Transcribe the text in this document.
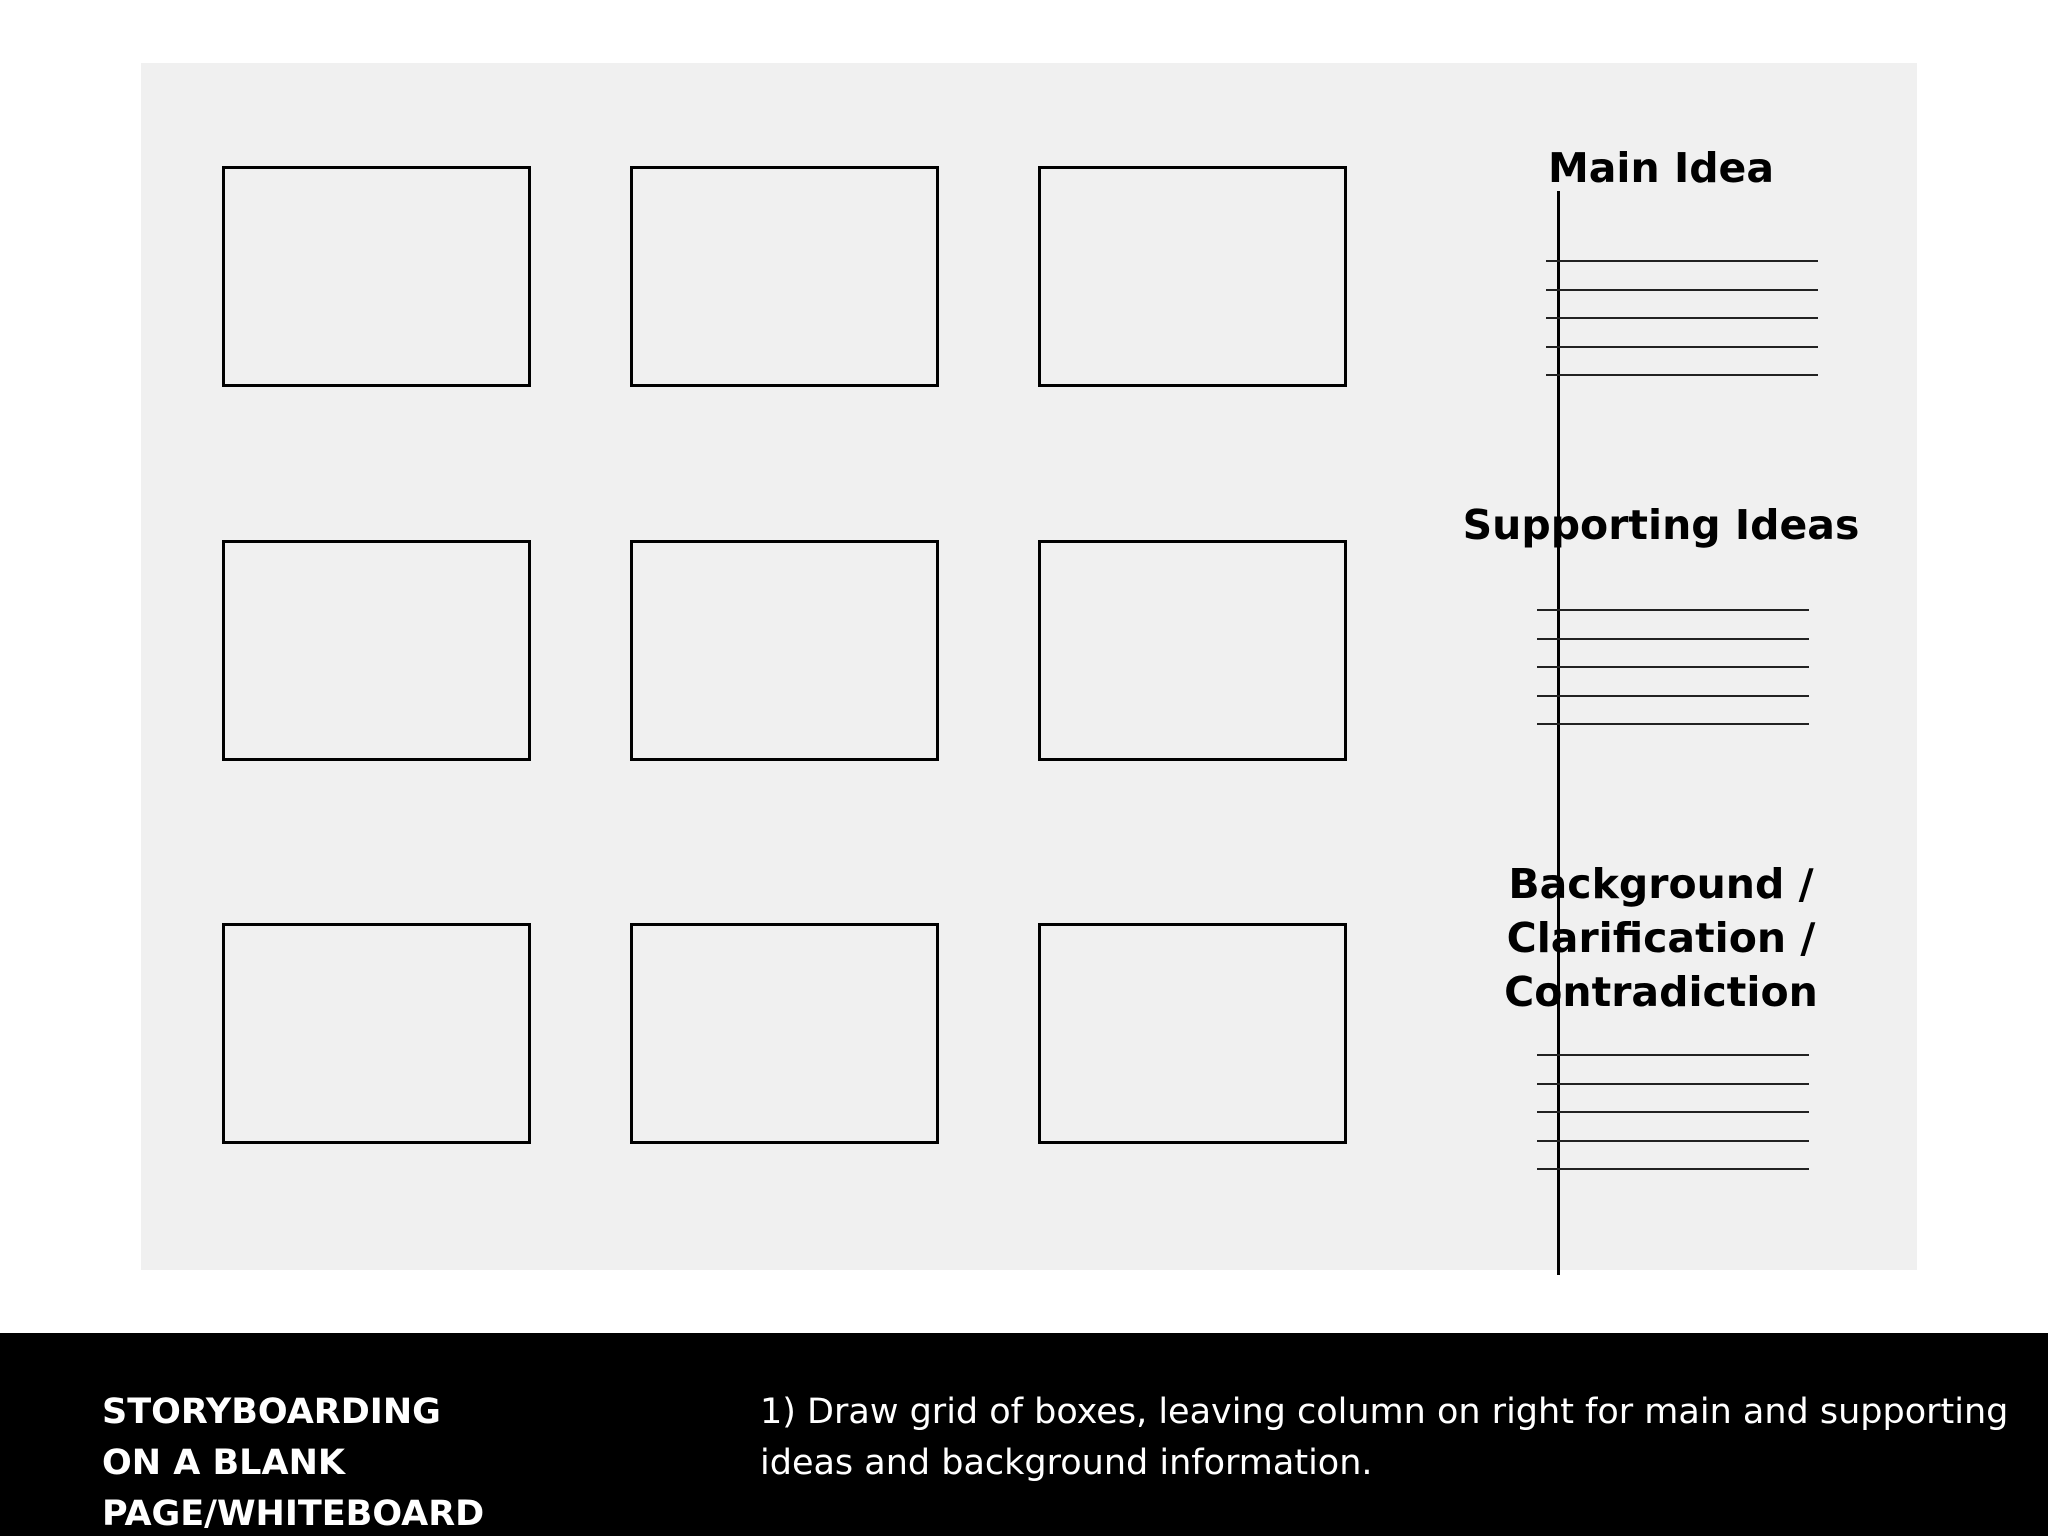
Main Idea
Supporting Ideas
Background /
Clarification /
Contradiction
STORYBOARDING
ON A BLANK PAGE/WHITEBOARD
1) Draw grid of boxes, leaving column on right for main and supporting
ideas and background information.
